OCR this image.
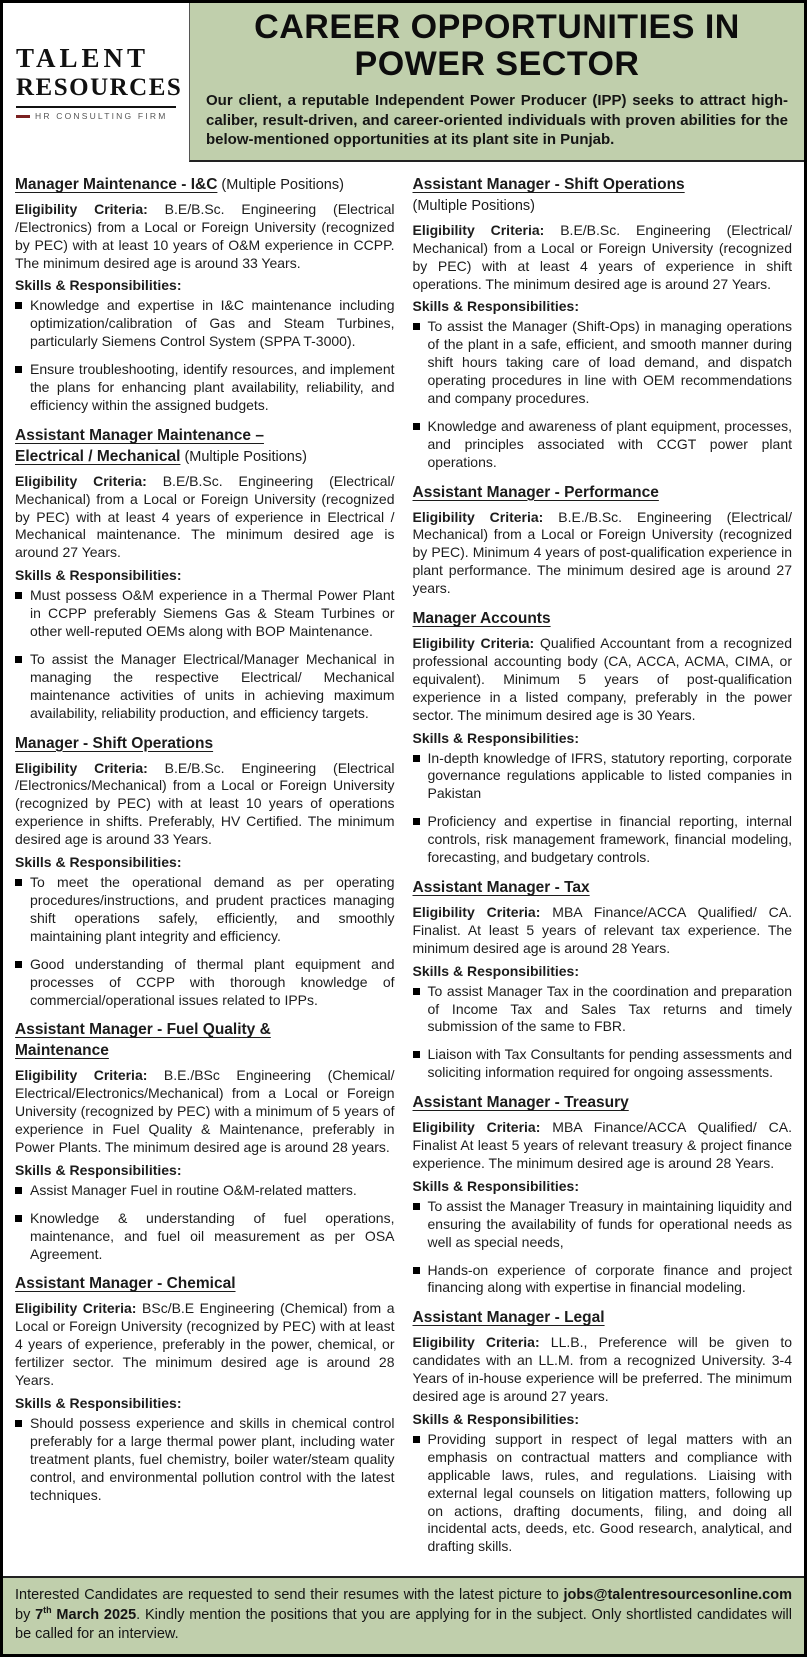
TALENT
RESOURCES
HR CONSULTING FIRM
CAREER OPPORTUNITIES IN
POWER SECTOR

Our client, a reputable Independent Power Producer (IPP) seeks to attract high-caliber, result-driven, and career-oriented individuals with proven abilities for the below-mentioned opportunities at its plant site in Punjab.

Manager Maintenance - I&C (Multiple Positions)

Eligibility Criteria: B.E/B.Sc. Engineering (Electrical /Electronics) from a Local or Foreign University (recognized by PEC) with at least 10 years of O&M experience in CCPP. The minimum desired age is around 33 Years.

Skills & Responsibilities:

Knowledge and expertise in I&C maintenance including optimization/calibration of Gas and Steam Turbines, particularly Siemens Control System (SPPA T-3000).
Ensure troubleshooting, identify resources, and implement the plans for enhancing plant availability, reliability, and efficiency within the assigned budgets.
Assistant Manager Maintenance –
Electrical / Mechanical (Multiple Positions)

Eligibility Criteria: B.E/B.Sc. Engineering (Electrical/ Mechanical) from a Local or Foreign University (recognized by PEC) with at least 4 years of experience in Electrical / Mechanical maintenance. The minimum desired age is around 27 Years.

Skills & Responsibilities:

Must possess O&M experience in a Thermal Power Plant in CCPP preferably Siemens Gas & Steam Turbines or other well-reputed OEMs along with BOP Maintenance.
To assist the Manager Electrical/Manager Mechanical in managing the respective Electrical/ Mechanical maintenance activities of units in achieving maximum availability, reliability production, and efficiency targets.
Manager - Shift Operations

Eligibility Criteria: B.E/B.Sc. Engineering (Electrical /Electronics/Mechanical) from a Local or Foreign University (recognized by PEC) with at least 10 years of operations experience in shifts. Preferably, HV Certified. The minimum desired age is around 33 Years.

Skills & Responsibilities:

To meet the operational demand as per operating procedures/instructions, and prudent practices managing shift operations safely, efficiently, and smoothly maintaining plant integrity and efficiency.
Good understanding of thermal plant equipment and processes of CCPP with thorough knowledge of commercial/operational issues related to IPPs.
Assistant Manager - Fuel Quality &
Maintenance

Eligibility Criteria: B.E./BSc Engineering (Chemical/ Electrical/Electronics/Mechanical) from a Local or Foreign University (recognized by PEC) with a minimum of 5 years of experience in Fuel Quality & Maintenance, preferably in Power Plants. The minimum desired age is around 28 years.

Skills & Responsibilities:

Assist Manager Fuel in routine O&M-related matters.
Knowledge & understanding of fuel operations, maintenance, and fuel oil measurement as per OSA Agreement.
Assistant Manager - Chemical

Eligibility Criteria: BSc/B.E Engineering (Chemical) from a Local or Foreign University (recognized by PEC) with at least 4 years of experience, preferably in the power, chemical, or fertilizer sector. The minimum desired age is around 28 Years.

Skills & Responsibilities:

Should possess experience and skills in chemical control preferably for a large thermal power plant, including water treatment plants, fuel chemistry, boiler water/steam quality control, and environmental pollution control with the latest techniques.
Assistant Manager - Shift Operations
(Multiple Positions)

Eligibility Criteria: B.E/B.Sc. Engineering (Electrical/ Mechanical) from a Local or Foreign University (recognized by PEC) with at least 4 years of experience in shift operations. The minimum desired age is around 27 Years.

Skills & Responsibilities:

To assist the Manager (Shift-Ops) in managing operations of the plant in a safe, efficient, and smooth manner during shift hours taking care of load demand, and dispatch operating procedures in line with OEM recommendations and company procedures.
Knowledge and awareness of plant equipment, processes, and principles associated with CCGT power plant operations.
Assistant Manager - Performance

Eligibility Criteria: B.E./B.Sc. Engineering (Electrical/ Mechanical) from a Local or Foreign University (recognized by PEC). Minimum 4 years of post-qualification experience in plant performance. The minimum desired age is around 27 years.

Manager Accounts

Eligibility Criteria: Qualified Accountant from a recognized professional accounting body (CA, ACCA, ACMA, CIMA, or equivalent). Minimum 5 years of post-qualification experience in a listed company, preferably in the power sector. The minimum desired age is 30 Years.

Skills & Responsibilities:

In-depth knowledge of IFRS, statutory reporting, corporate governance regulations applicable to listed companies in Pakistan
Proficiency and expertise in financial reporting, internal controls, risk management framework, financial modeling, forecasting, and budgetary controls.
Assistant Manager - Tax

Eligibility Criteria: MBA Finance/ACCA Qualified/ CA. Finalist. At least 5 years of relevant tax experience. The minimum desired age is around 28 Years.

Skills & Responsibilities:

To assist Manager Tax in the coordination and preparation of Income Tax and Sales Tax returns and timely submission of the same to FBR.
Liaison with Tax Consultants for pending assessments and soliciting information required for ongoing assessments.
Assistant Manager - Treasury

Eligibility Criteria: MBA Finance/ACCA Qualified/ CA. Finalist At least 5 years of relevant treasury & project finance experience. The minimum desired age is around 28 Years.

Skills & Responsibilities:

To assist the Manager Treasury in maintaining liquidity and ensuring the availability of funds for operational needs as well as special needs,
Hands-on experience of corporate finance and project financing along with expertise in financial modeling.
Assistant Manager - Legal

Eligibility Criteria: LL.B., Preference will be given to candidates with an LL.M. from a recognized University. 3-4 Years of in-house experience will be preferred. The minimum desired age is around 27 years.

Skills & Responsibilities:

Providing support in respect of legal matters with an emphasis on contractual matters and compliance with applicable laws, rules, and regulations. Liaising with external legal counsels on litigation matters, following up on actions, drafting documents, filing, and doing all incidental acts, deeds, etc. Good research, analytical, and drafting skills.

Interested Candidates are requested to send their resumes with the latest picture to jobs@talentresourcesonline.com by 7th March 2025. Kindly mention the positions that you are applying for in the subject. Only shortlisted candidates will be called for an interview.
